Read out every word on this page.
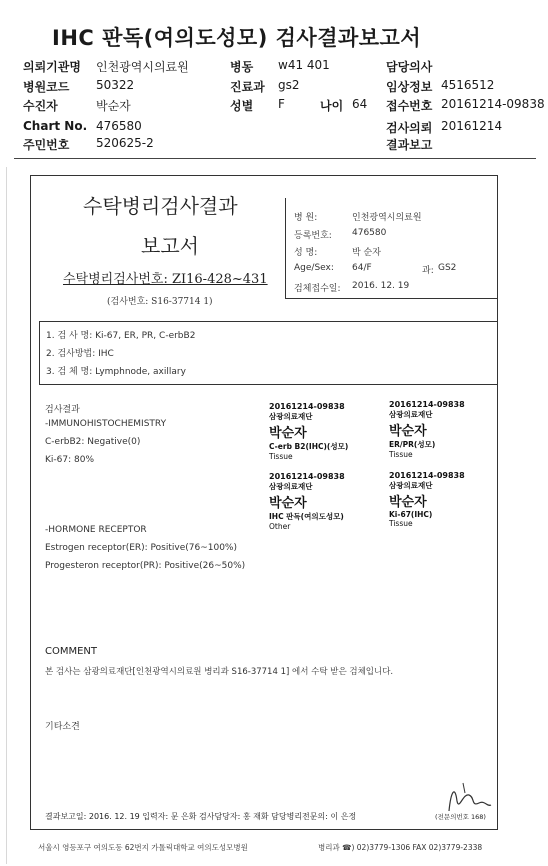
IHC 판독(여의도성모) 검사결과보고서
의뢰기관명 인천광역시의료원	병동 w41 401	담당의사
병원코드 50322	진료과 gs2	임상정보 4516512
수진자	박순자	성별 F	나이 64 접수번호 20161214-09838
Chart No. 476580	검사의뢰 20161214
주민번호 520625-2	결과보고
수탁병리검사결과
보고서
수탁병리검사번호: ZI16-428~431
(검사번호: S16-37714 1)
병 원:	인천광역시의료원
등록번호: 476580
성 명:	박 순자
Age/Sex: 64/F	과: GS2
검체접수일: 2016. 12. 19
1. 검 사 명: Ki-67, ER, PR, C-erbB2
2. 검사방법: IHC
3. 검 체 명: Lymphnode, axillary
검사결과
-IMMUNOHISTOCHEMISTRY
C-erbB2: Negative(0)
Ki-67: 80%
-HORMONE RECEPTOR
Estrogen receptor(ER): Positive(76~100%)
Progesteron receptor(PR): Positive(26~50%)
20161214-09838
삼광의료재단
박순자
C-erb B2(IHC)(성모)
Tissue
20161214-09838
삼광의료재단
박순자
ER/PR(성모)
Tissue
20161214-09838
삼광의료재단
박순자
IHC 판독(여의도성모)
Other
20161214-09838
삼광의료재단
박순자
Ki-67(IHC)
Tissue
COMMENT
본 검사는 삼광의료재단[인천광역시의료원 병리과 S16-37714 1] 에서 수탁 받은 검체입니다.
기타소견
결과보고일: 2016. 12. 19 입력자: 문 은화 검사담당자: 홍 재화 담당병리전문의: 이 은정	(전문의번호 168)
서울시 영등포구 여의도동 62번지 가톨릭대학교 여의도성모병원	병리과 ☎) 02)3779-1306 FAX 02)3779-2338
